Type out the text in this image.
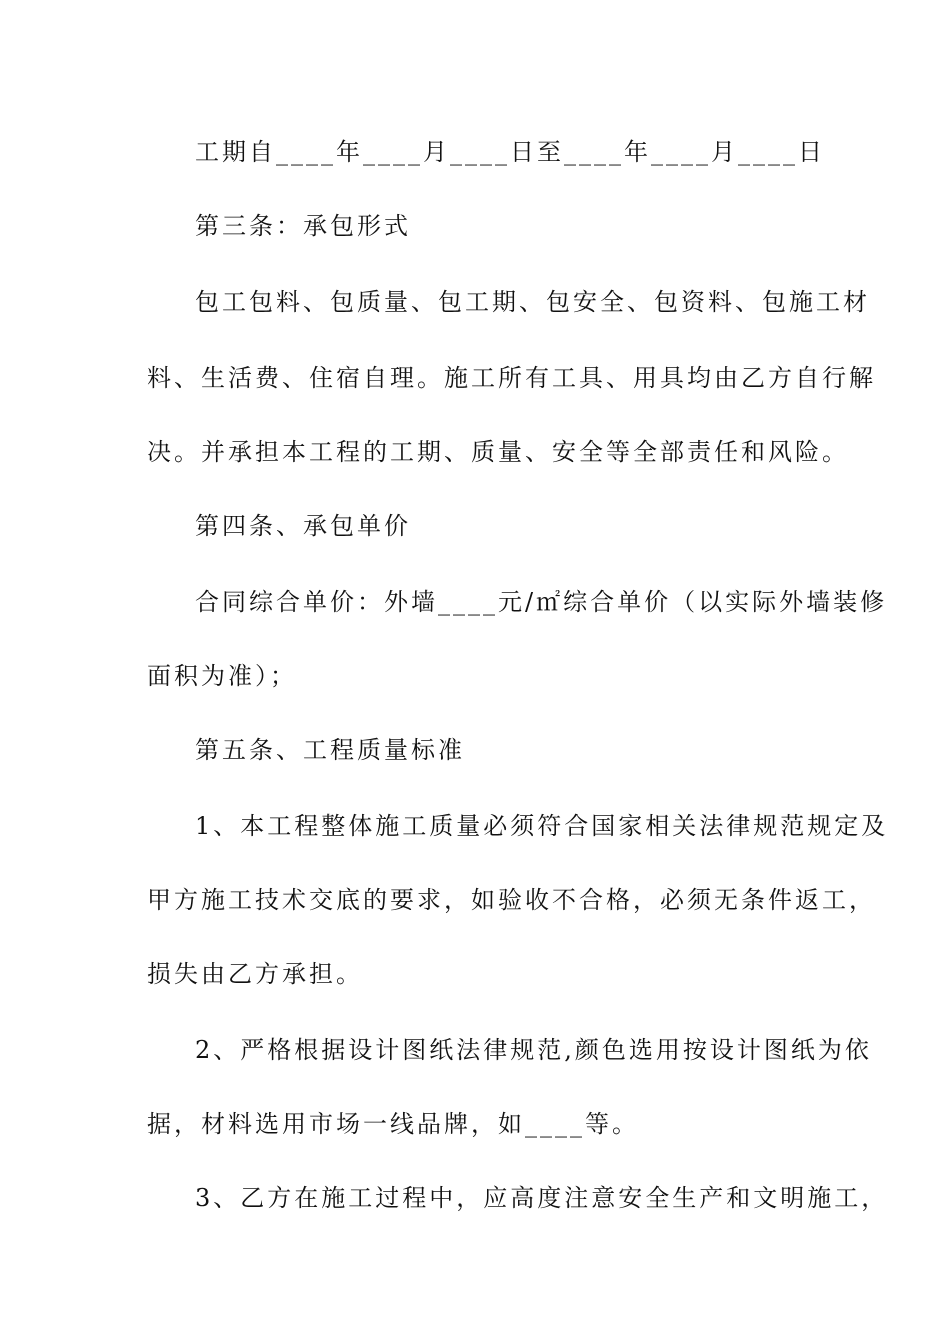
工期自____年____月____日至____年____月____日
第三条：承包形式
包工包料、包质量、包工期、包安全、包资料、包施工材
料、生活费、住宿自理。施工所有工具、用具均由乙方自行解
决。并承担本工程的工期、质量、安全等全部责任和风险。
第四条、承包单价
合同综合单价：外墙____元/㎡综合单价（以实际外墙装修
面积为准）；
第五条、工程质量标准
1、本工程整体施工质量必须符合国家相关法律规范规定及
甲方施工技术交底的要求，如验收不合格，必须无条件返工，
损失由乙方承担。
2、严格根据设计图纸法律规范,颜色选用按设计图纸为依
据，材料选用市场一线品牌，如____等。
3、乙方在施工过程中，应高度注意安全生产和文明施工，
